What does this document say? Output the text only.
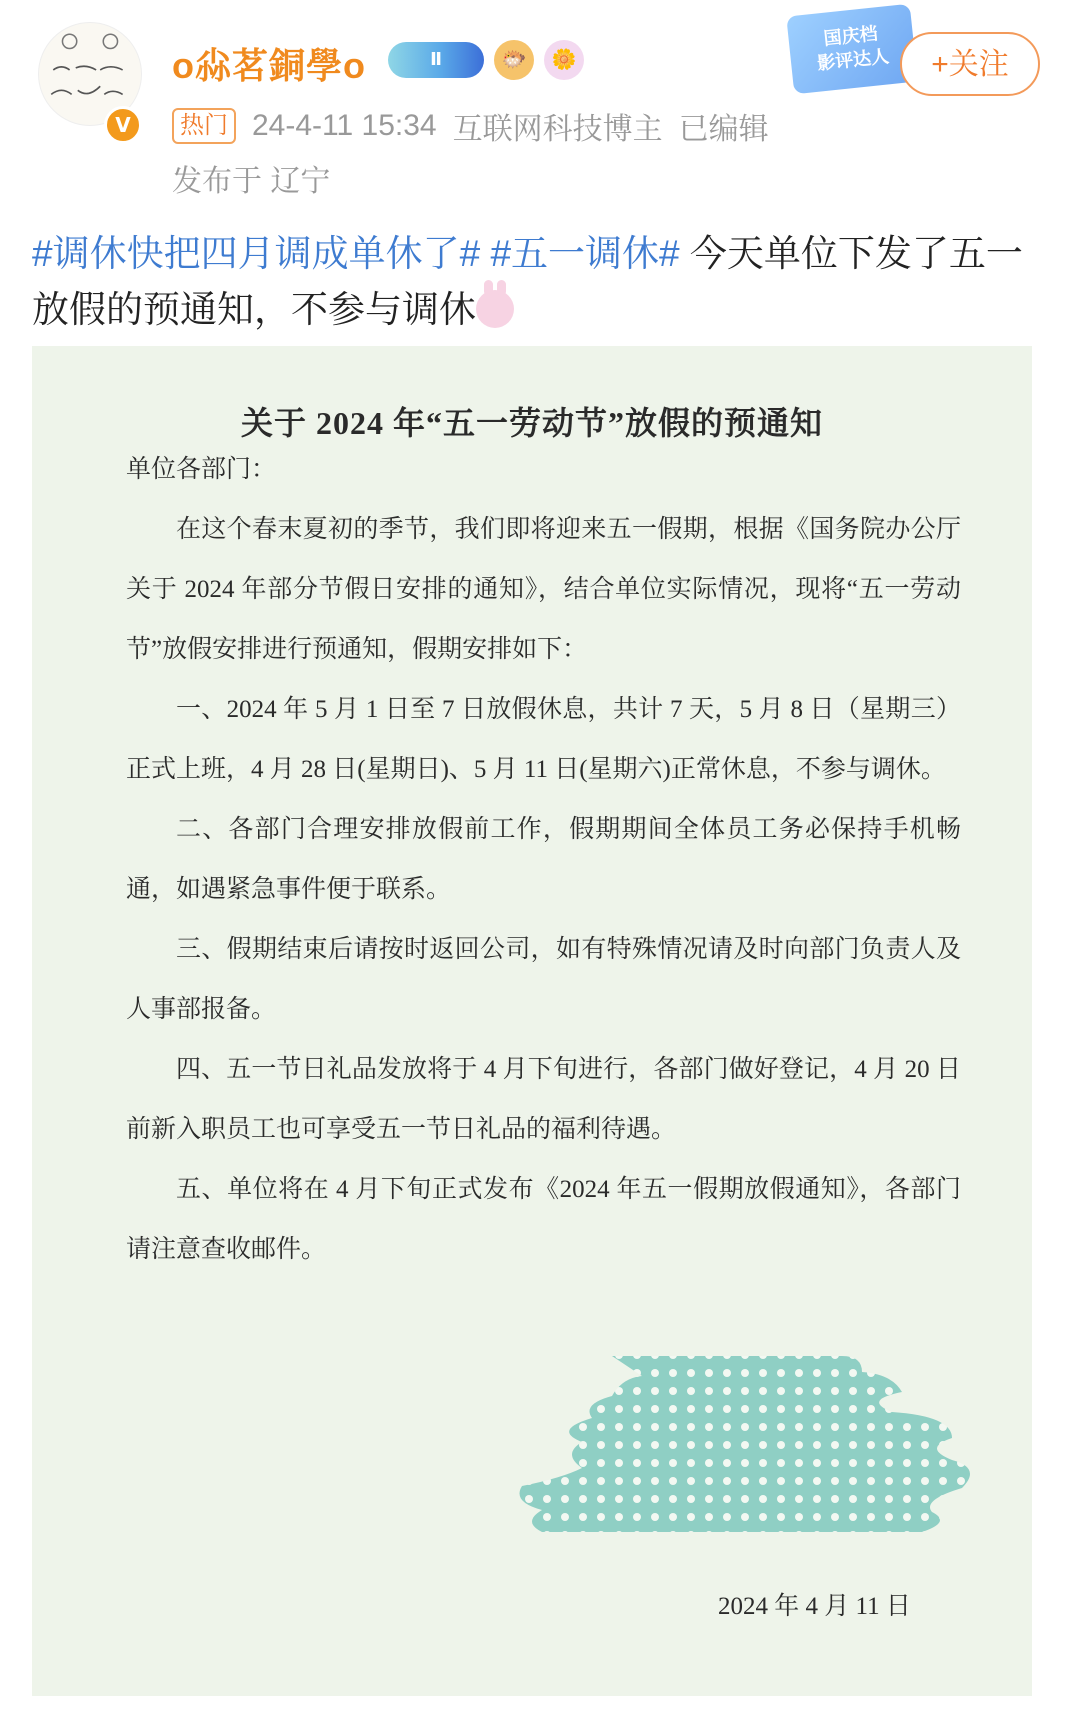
V
o尛茗銅學o	Ⅱ	🐡	🌼
国庆档
影评达人	+关注
热门 24-4-11 15:34 互联网科技博主 已编辑
发布于 辽宁
#调休快把四月调成单休了# #五一调休# 今天单位下发了五一放假的预通知，不参与调休
关于 2024 年“五一劳动节”放假的预通知

单位各部门：

在这个春末夏初的季节，我们即将迎来五一假期，根据《国务院办公厅关于 2024 年部分节假日安排的通知》，结合单位实际情况，现将“五一劳动节”放假安排进行预通知，假期安排如下：

一、2024 年 5 月 1 日至 7 日放假休息，共计 7 天，5 月 8 日（星期三）正式上班，4 月 28 日(星期日)、5 月 11 日(星期六)正常休息，不参与调休。

二、各部门合理安排放假前工作，假期期间全体员工务必保持手机畅通，如遇紧急事件便于联系。

三、假期结束后请按时返回公司，如有特殊情况请及时向部门负责人及人事部报备。

四、五一节日礼品发放将于 4 月下旬进行，各部门做好登记，4 月 20 日前新入职员工也可享受五一节日礼品的福利待遇。

五、单位将在 4 月下旬正式发布《2024 年五一假期放假通知》，各部门请注意查收邮件。

2024 年 4 月 11 日
